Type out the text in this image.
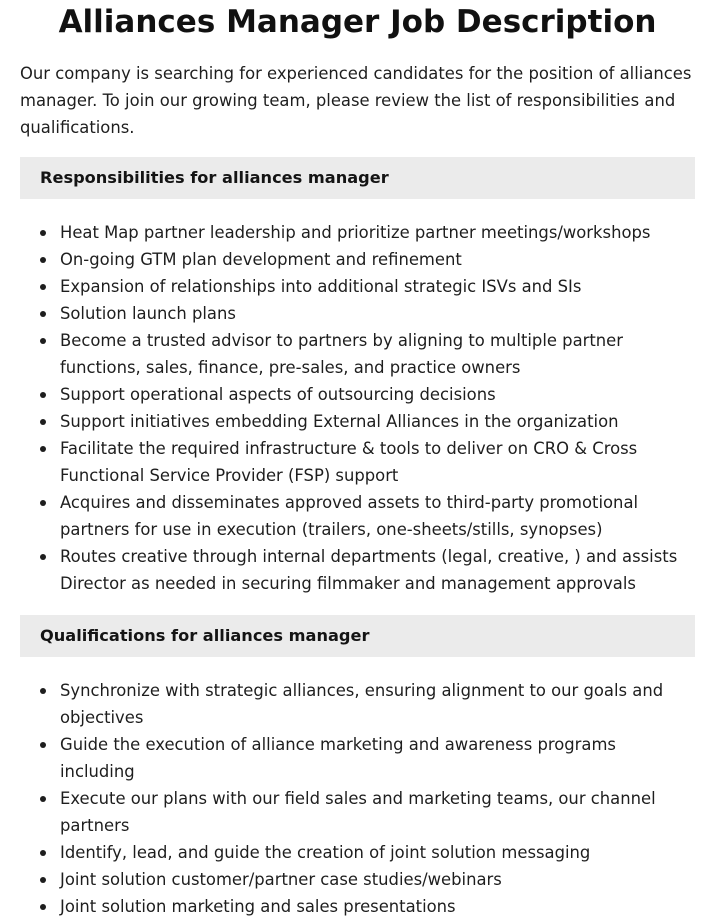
Alliances Manager Job Description

Our company is searching for experienced candidates for the position of alliances manager. To join our growing team, please review the list of responsibilities and qualifications.

Responsibilities for alliances manager
Heat Map partner leadership and prioritize partner meetings/workshops
On-going GTM plan development and refinement
Expansion of relationships into additional strategic ISVs and SIs
Solution launch plans
Become a trusted advisor to partners by aligning to multiple partner functions, sales, finance, pre-sales, and practice owners
Support operational aspects of outsourcing decisions
Support initiatives embedding External Alliances in the organization
Facilitate the required infrastructure & tools to deliver on CRO & Cross Functional Service Provider (FSP) support
Acquires and disseminates approved assets to third-party promotional partners for use in execution (trailers, one-sheets/stills, synopses)
Routes creative through internal departments (legal, creative, ) and assists Director as needed in securing filmmaker and management approvals
Qualifications for alliances manager
Synchronize with strategic alliances, ensuring alignment to our goals and objectives
Guide the execution of alliance marketing and awareness programs including
Execute our plans with our field sales and marketing teams, our channel partners
Identify, lead, and guide the creation of joint solution messaging
Joint solution customer/partner case studies/webinars
Joint solution marketing and sales presentations
